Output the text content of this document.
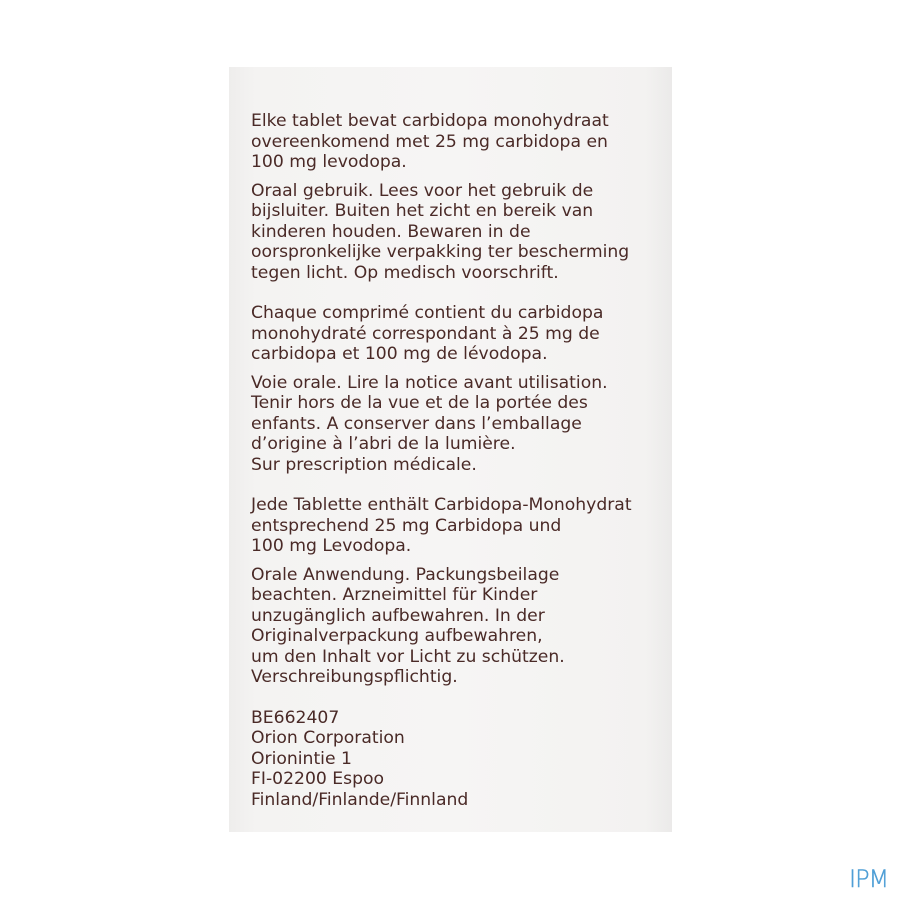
Elke tablet bevat carbidopa monohydraat
overeenkomend met 25 mg carbidopa en
100 mg levodopa.

Oraal gebruik. Lees voor het gebruik de
bijsluiter. Buiten het zicht en bereik van
kinderen houden. Bewaren in de
oorspronkelijke verpakking ter bescherming
tegen licht. Op medisch voorschrift.

Chaque comprimé contient du carbidopa
monohydraté correspondant à 25 mg de
carbidopa et 100 mg de lévodopa.

Voie orale. Lire la notice avant utilisation.
Tenir hors de la vue et de la portée des
enfants. A conserver dans l’emballage
d’origine à l’abri de la lumière.
Sur prescription médicale.

Jede Tablette enthält Carbidopa-Monohydrat
entsprechend 25 mg Carbidopa und
100 mg Levodopa.

Orale Anwendung. Packungsbeilage
beachten. Arzneimittel für Kinder
unzugänglich aufbewahren. In der
Originalverpackung aufbewahren,
um den Inhalt vor Licht zu schützen.
Verschreibungspflichtig.

BE662407

Orion Corporation

Orionintie 1

FI-02200 Espoo

Finland/Finlande/Finnland

IPM
